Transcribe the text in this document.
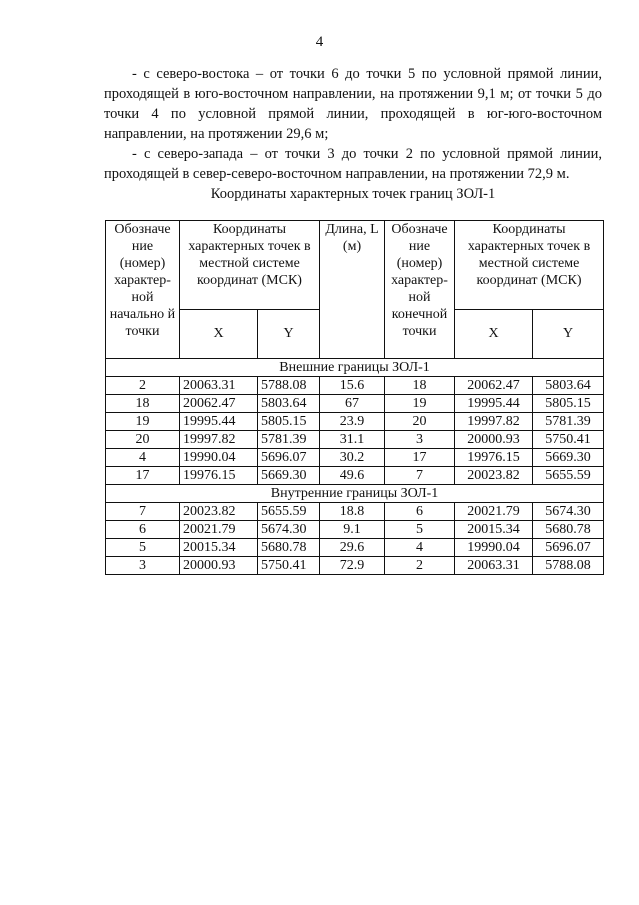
4

- с северо-востока – от точки 6 до точки 5 по условной прямой линии, проходящей в юго-восточном направлении, на протяжении 9,1 м; от точки 5 до точки 4 по условной прямой линии, проходящей в юг-юго-восточном направлении, на протяжении 29,6 м;

- с северо-запада – от точки 3 до точки 2 по условной прямой линии, проходящей в север-северо-восточном направлении, на протяжении 72,9 м.

Координаты характерных точек границ ЗОЛ-1
Обозначе ние (номер) характер- ной начально й точки	Координаты характерных точек в местной системе координат (МСК)		Длина, L (м)	Обозначе ние (номер) характер- ной конечной точки	Координаты характерных точек в местной системе координат (МСК)	
	X	Y			X	Y
Внешние границы ЗОЛ-1						
2	20063.31	5788.08	15.6	18	20062.47	5803.64
18	20062.47	5803.64	67	19	19995.44	5805.15
19	19995.44	5805.15	23.9	20	19997.82	5781.39
20	19997.82	5781.39	31.1	3	20000.93	5750.41
4	19990.04	5696.07	30.2	17	19976.15	5669.30
17	19976.15	5669.30	49.6	7	20023.82	5655.59
Внутренние границы ЗОЛ-1						
7	20023.82	5655.59	18.8	6	20021.79	5674.30
6	20021.79	5674.30	9.1	5	20015.34	5680.78
5	20015.34	5680.78	29.6	4	19990.04	5696.07
3	20000.93	5750.41	72.9	2	20063.31	5788.08
